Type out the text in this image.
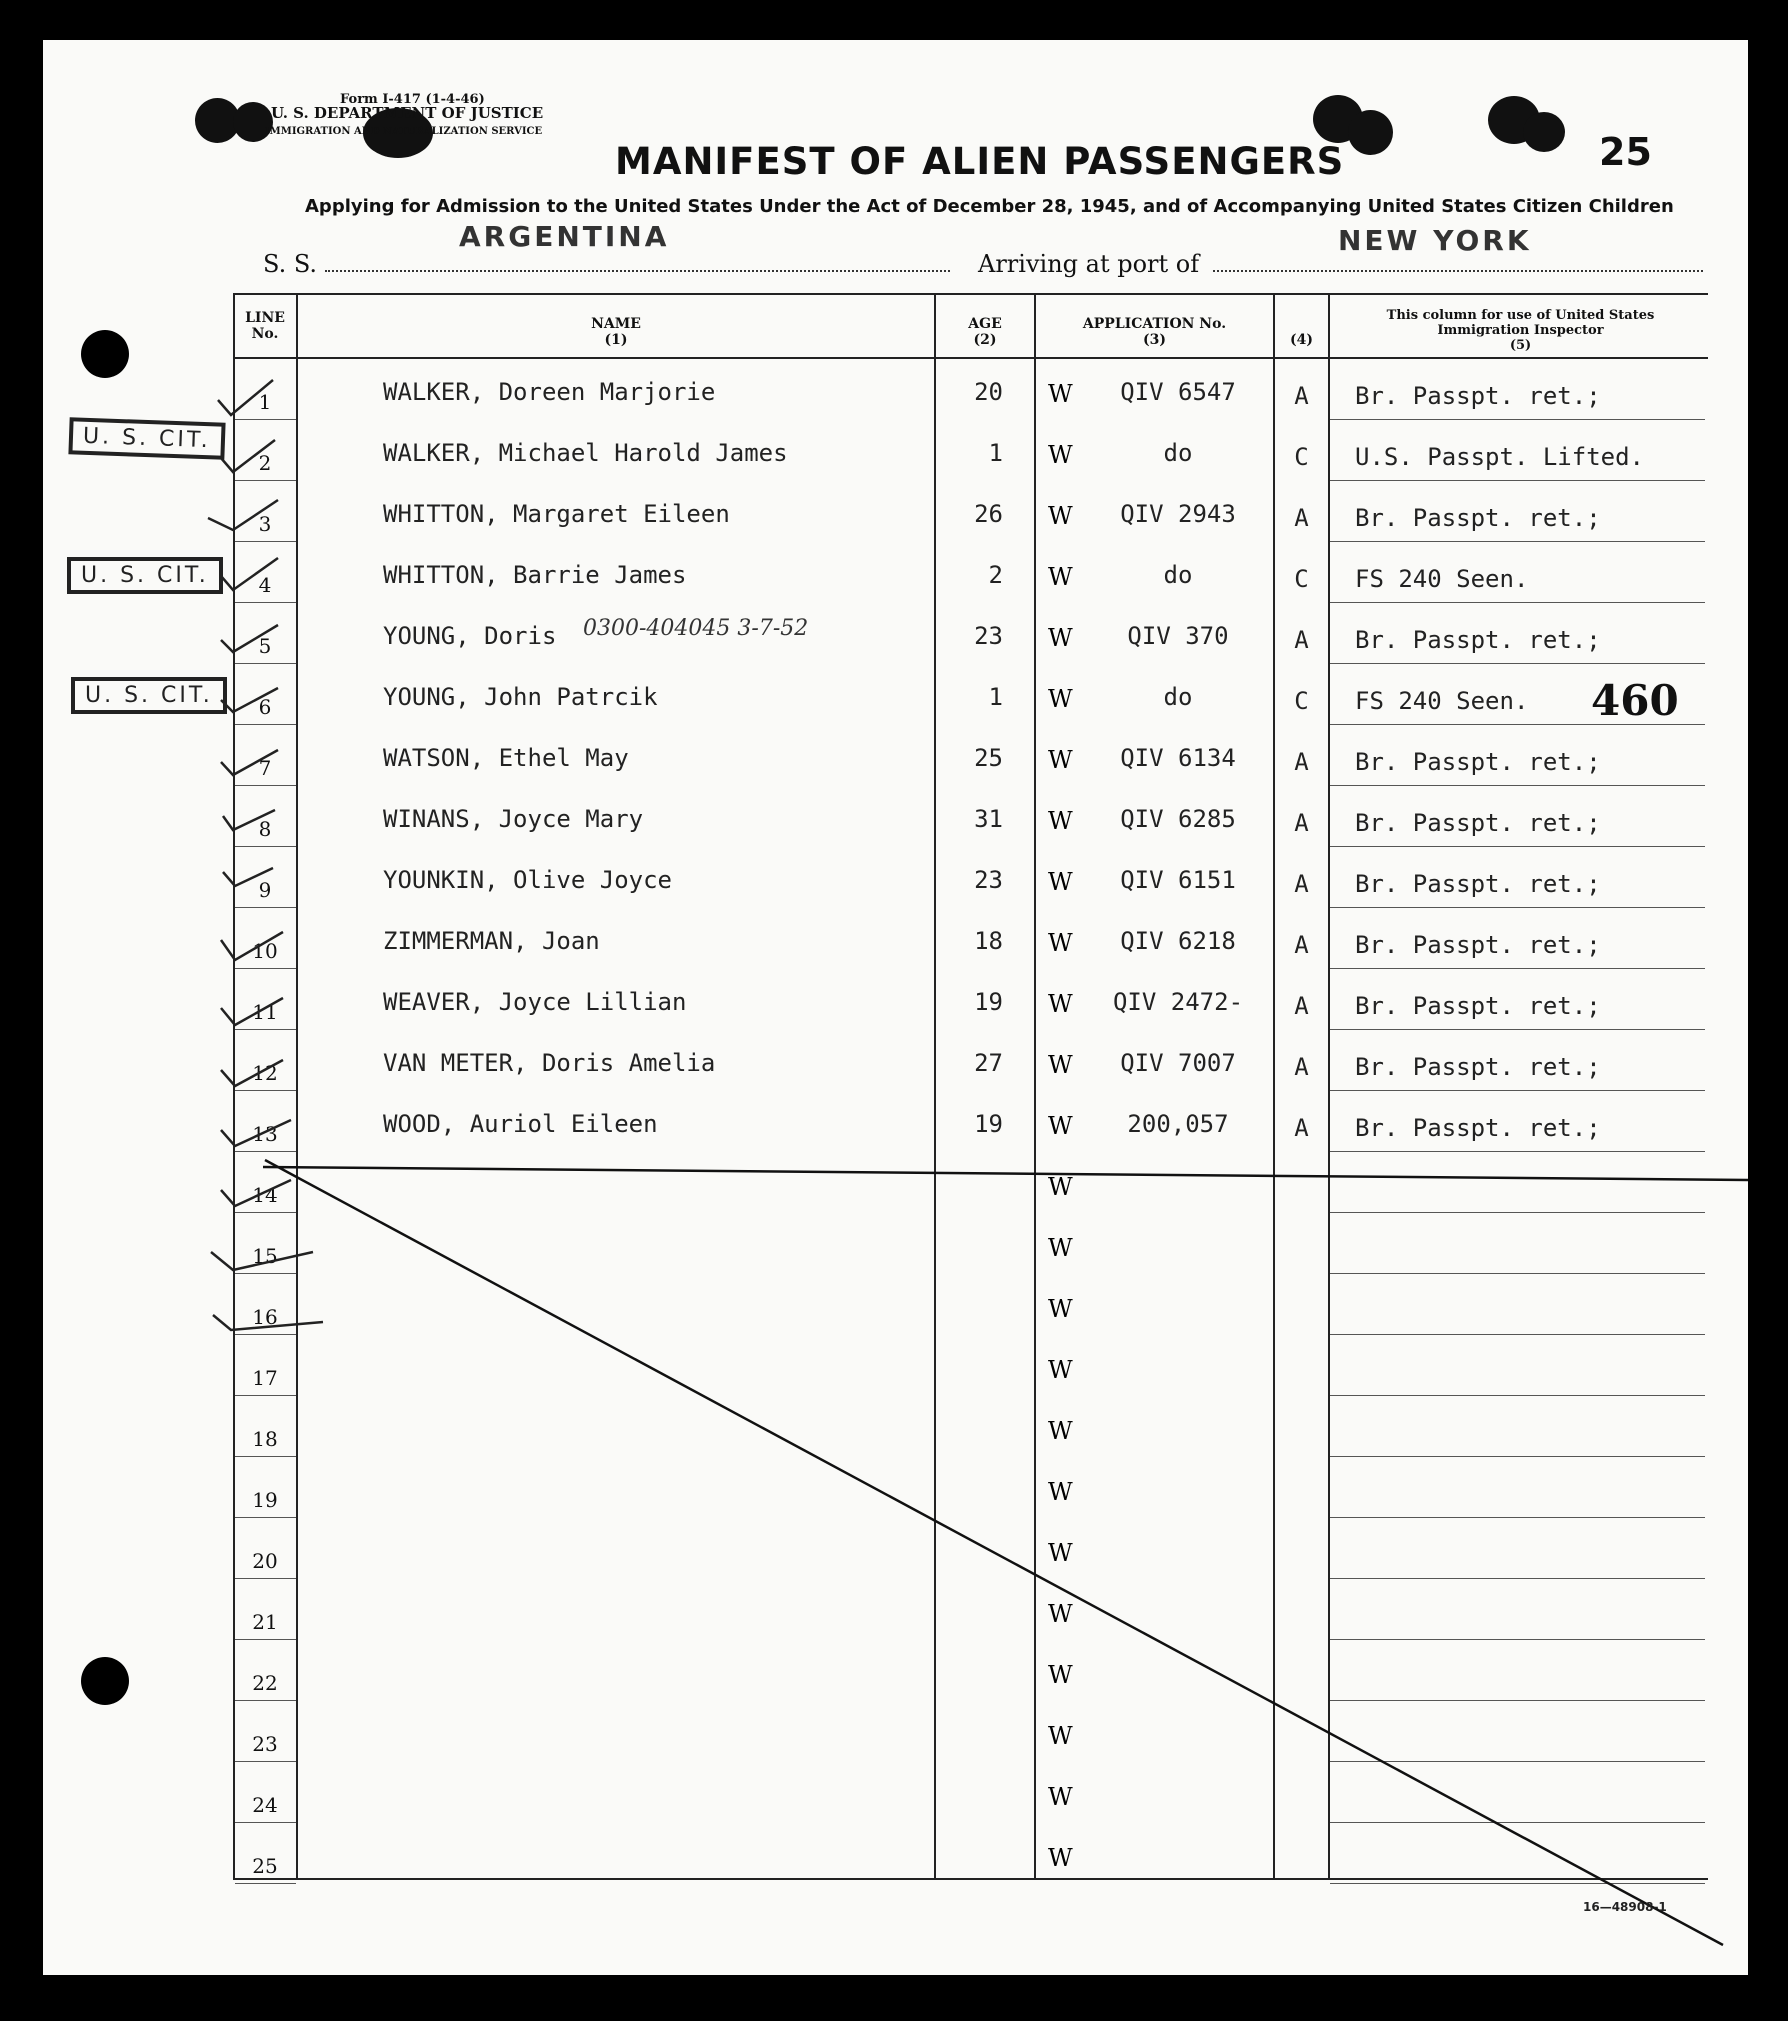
Form I-417 (1-4-46)
U. S. DEPARTMENT OF JUSTICE
IMMIGRATION AND NATURALIZATION SERVICE
MANIFEST OF ALIEN PASSENGERS	25
Applying for Admission to the United States Under the Act of December 28, 1945, and of Accompanying United States Citizen Children
S. S.
ARGENTINA
Arriving at port of
NEW YORK
LINE
No.
NAME
(1)
AGE
(2)
APPLICATION No.
(3)	(4)
This column for use of United States Immigration Inspector
(5)
1	WALKER, Doreen Marjorie	20 W	QIV 6547	A	Br. Passpt. ret.;
2	WALKER, Michael Harold James	1 W	do	C	U.S. Passpt. Lifted.
3	WHITTON, Margaret Eileen	26 W	QIV 2943	A	Br. Passpt. ret.;
4	WHITTON, Barrie James	2 W	do	C	FS 240 Seen.
5	YOUNG, Doris	23 W	QIV 370	A	Br. Passpt. ret.;
6	YOUNG, John Patrcik	1 W	do	C	FS 240 Seen.
7	WATSON, Ethel May	25 W	QIV 6134	A	Br. Passpt. ret.;
8	WINANS, Joyce Mary	31 W	QIV 6285	A	Br. Passpt. ret.;
9	YOUNKIN, Olive Joyce	23 W	QIV 6151	A	Br. Passpt. ret.;
10	ZIMMERMAN, Joan	18 W	QIV 6218	A	Br. Passpt. ret.;
11	WEAVER, Joyce Lillian	19 W	QIV 2472-	A	Br. Passpt. ret.;
12	VAN METER, Doris Amelia	27 W	QIV 7007	A	Br. Passpt. ret.;
13	WOOD, Auriol Eileen	19 W	200,057	A	Br. Passpt. ret.;
14	W
15	W
16	W
17	W
18	W
19	W
20	W
21	W
22	W
23	W
24	W
25	W
U. S. CIT.
U. S. CIT.
U. S. CIT.	460
0300-404045 3-7-52
16—48908-1
